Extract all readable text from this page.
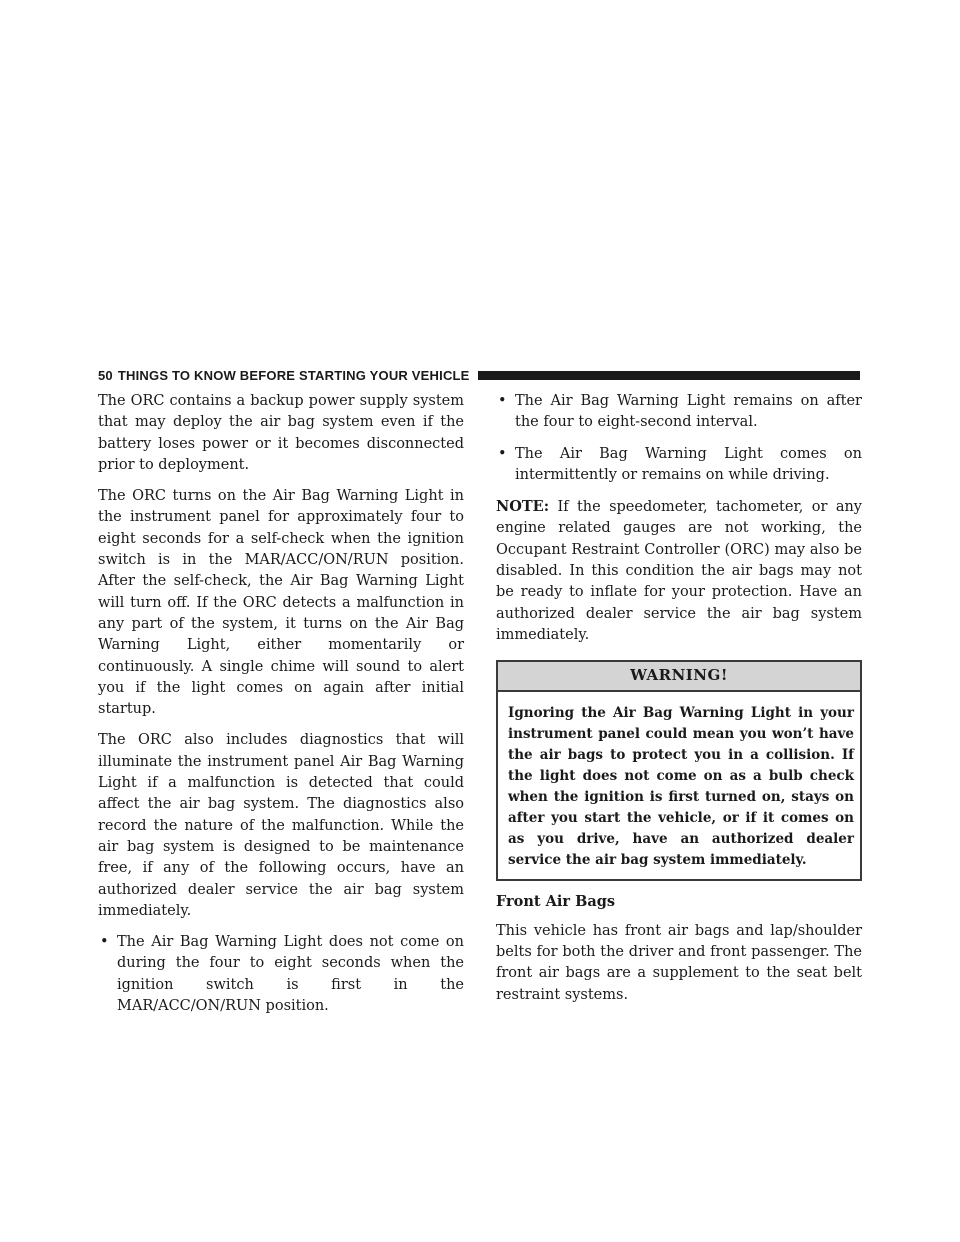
50 THINGS TO KNOW BEFORE STARTING YOUR VEHICLE

The ORC contains a backup power supply system that may deploy the air bag system even if the battery loses power or it becomes disconnected prior to deployment.

The ORC turns on the Air Bag Warning Light in the instrument panel for approximately four to eight seconds for a self-check when the ignition switch is in the MAR/ACC/ON/RUN position. After the self-check, the Air Bag Warning Light will turn off. If the ORC detects a malfunction in any part of the system, it turns on the Air Bag Warning Light, either momentarily or continuously. A single chime will sound to alert you if the light comes on again after initial startup.

The ORC also includes diagnostics that will illuminate the instrument panel Air Bag Warning Light if a malfunction is detected that could affect the air bag system. The diagnostics also record the nature of the malfunction. While the air bag system is designed to be maintenance free, if any of the following occurs, have an authorized dealer service the air bag system immediately.

• The Air Bag Warning Light does not come on during the four to eight seconds when the ignition switch is first in the MAR/ACC/ON/RUN position.
• The Air Bag Warning Light remains on after the four to eight-second interval.
• The Air Bag Warning Light comes on intermittently or remains on while driving.

NOTE: If the speedometer, tachometer, or any engine related gauges are not working, the Occupant Restraint Controller (ORC) may also be disabled. In this condition the air bags may not be ready to inflate for your protection. Have an authorized dealer service the air bag system immediately.

WARNING!
Ignoring the Air Bag Warning Light in your instrument panel could mean you won’t have the air bags to protect you in a collision. If the light does not come on as a bulb check when the ignition is first turned on, stays on after you start the vehicle, or if it comes on as you drive, have an authorized dealer service the air bag system immediately.
Front Air Bags

This vehicle has front air bags and lap/shoulder belts for both the driver and front passenger. The front air bags are a supplement to the seat belt restraint systems.
